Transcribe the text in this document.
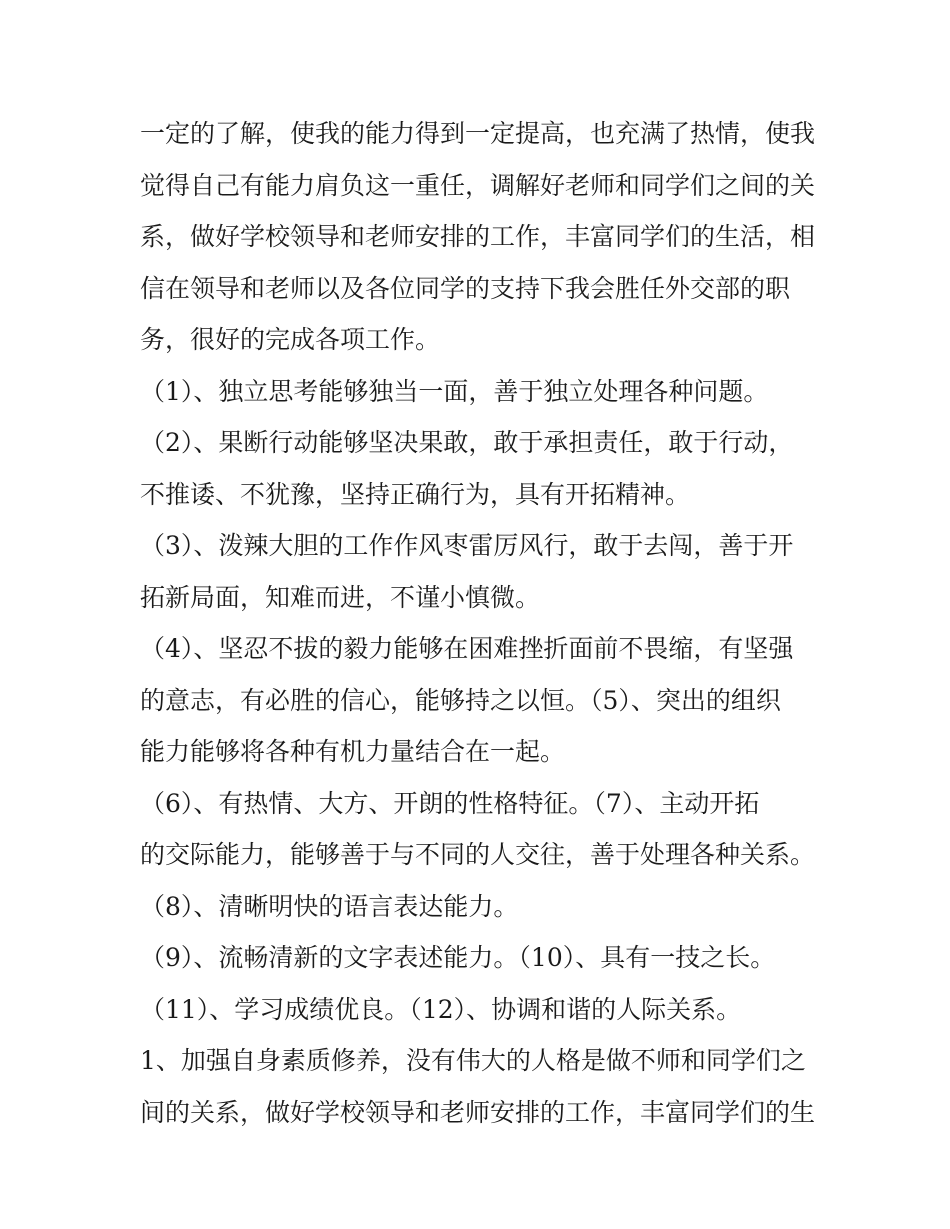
一定的了解，使我的能力得到一定提高，也充满了热情，使我
觉得自己有能力肩负这一重任，调解好老师和同学们之间的关
系，做好学校领导和老师安排的工作，丰富同学们的生活，相
信在领导和老师以及各位同学的支持下我会胜任外交部的职
务，很好的完成各项工作。
（1）、独立思考能够独当一面，善于独立处理各种问题。
（2）、果断行动能够坚决果敢，敢于承担责任，敢于行动，
不推诿、不犹豫，坚持正确行为，具有开拓精神。
（3）、泼辣大胆的工作作风枣雷厉风行，敢于去闯，善于开
拓新局面，知难而进，不谨小慎微。
（4）、坚忍不拔的毅力能够在困难挫折面前不畏缩，有坚强
的意志，有必胜的信心，能够持之以恒。（5）、突出的组织
能力能够将各种有机力量结合在一起。
（6）、有热情、大方、开朗的性格特征。（7）、主动开拓
的交际能力，能够善于与不同的人交往，善于处理各种关系。
（8）、清晰明快的语言表达能力。
（9）、流畅清新的文字表述能力。（10）、具有一技之长。
（11）、学习成绩优良。（12）、协调和谐的人际关系。
1、加强自身素质修养，没有伟大的人格是做不师和同学们之
间的关系，做好学校领导和老师安排的工作，丰富同学们的生
